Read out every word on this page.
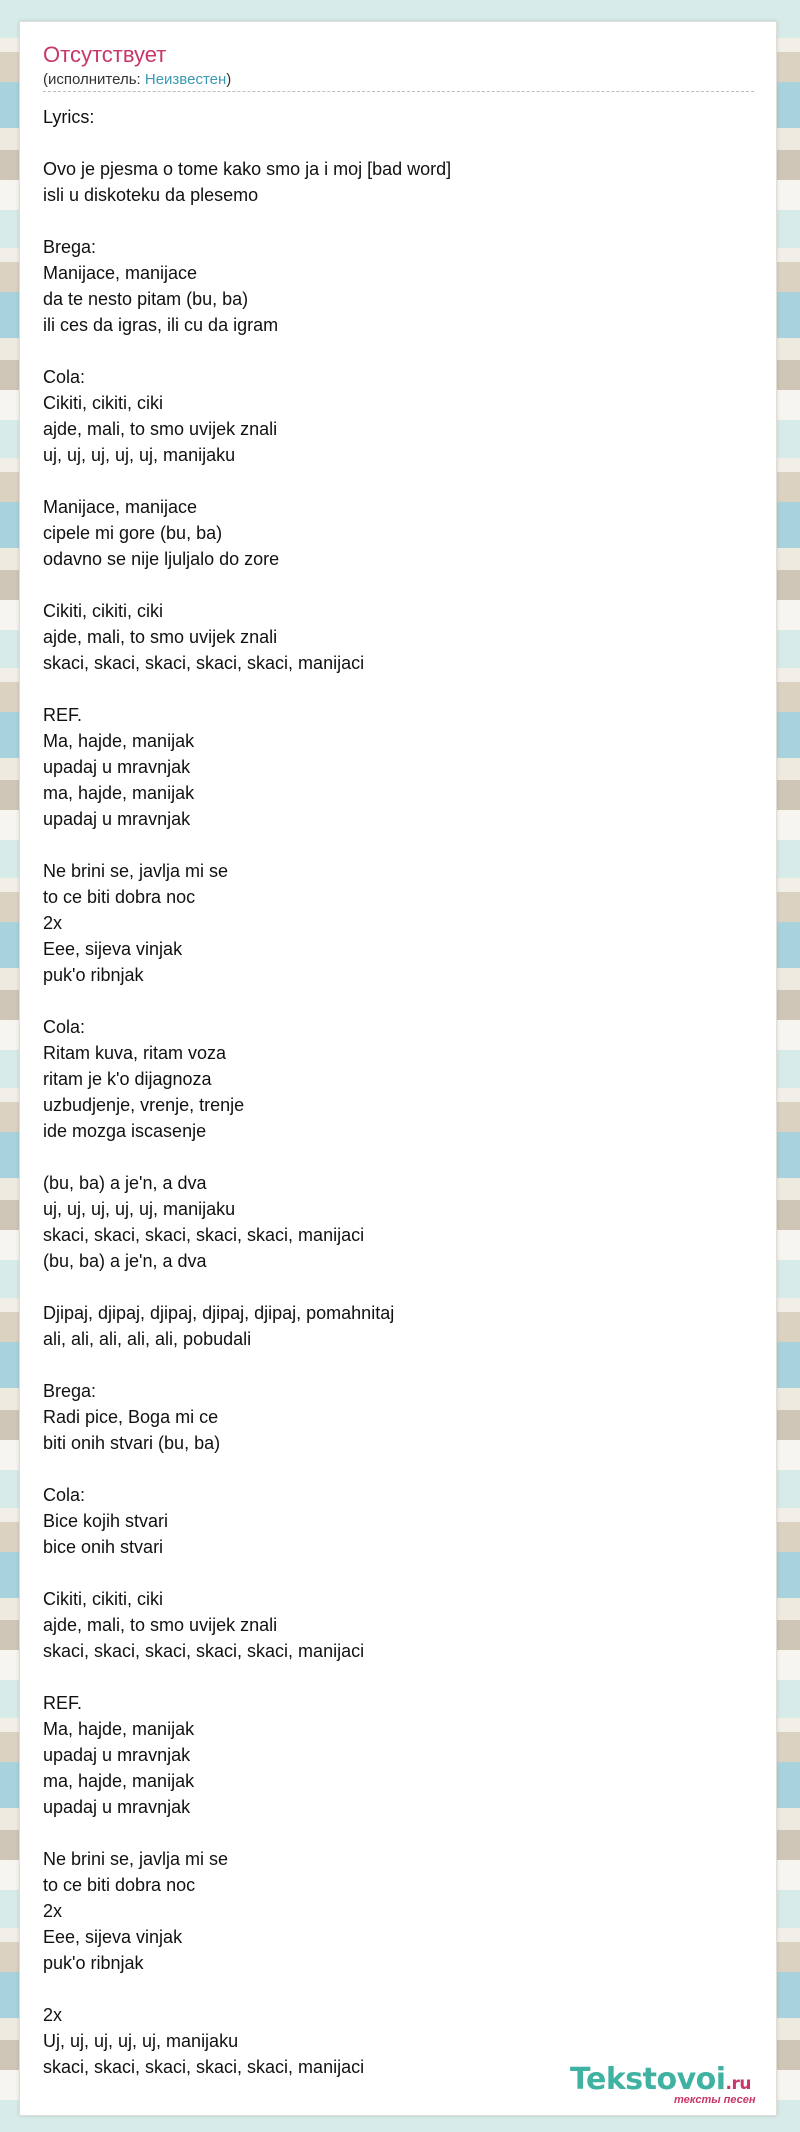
Отсутствует
(исполнитель: Неизвестен)
Lyrics:

Ovo je pjesma o tome kako smo ja i moj [bad word]
isli u diskoteku da plesemo

Brega:
Manijace, manijace
da te nesto pitam (bu, ba)
ili ces da igras, ili cu da igram

Cola:
Cikiti, cikiti, ciki
ajde, mali, to smo uvijek znali
uj, uj, uj, uj, uj, manijaku

Manijace, manijace
cipele mi gore (bu, ba)
odavno se nije ljuljalo do zore

Cikiti, cikiti, ciki
ajde, mali, to smo uvijek znali
skaci, skaci, skaci, skaci, skaci, manijaci

REF.
Ma, hajde, manijak
upadaj u mravnjak
ma, hajde, manijak
upadaj u mravnjak

Ne brini se, javlja mi se
to ce biti dobra noc
2x
Eee, sijeva vinjak
puk'o ribnjak

Cola:
Ritam kuva, ritam voza
ritam je k'o dijagnoza
uzbudjenje, vrenje, trenje
ide mozga iscasenje

(bu, ba) a je'n, a dva
uj, uj, uj, uj, uj, manijaku
skaci, skaci, skaci, skaci, skaci, manijaci
(bu, ba) a je'n, a dva

Djipaj, djipaj, djipaj, djipaj, djipaj, pomahnitaj
ali, ali, ali, ali, ali, pobudali

Brega:
Radi pice, Boga mi ce
biti onih stvari (bu, ba)

Cola:
Bice kojih stvari
bice onih stvari

Cikiti, cikiti, ciki
ajde, mali, to smo uvijek znali
skaci, skaci, skaci, skaci, skaci, manijaci

REF.
Ma, hajde, manijak
upadaj u mravnjak
ma, hajde, manijak
upadaj u mravnjak

Ne brini se, javlja mi se
to ce biti dobra noc
2x
Eee, sijeva vinjak
puk'o ribnjak

2x
Uj, uj, uj, uj, uj, manijaku
skaci, skaci, skaci, skaci, skaci, manijaci	Tekstovoi.ru
тексты песен
